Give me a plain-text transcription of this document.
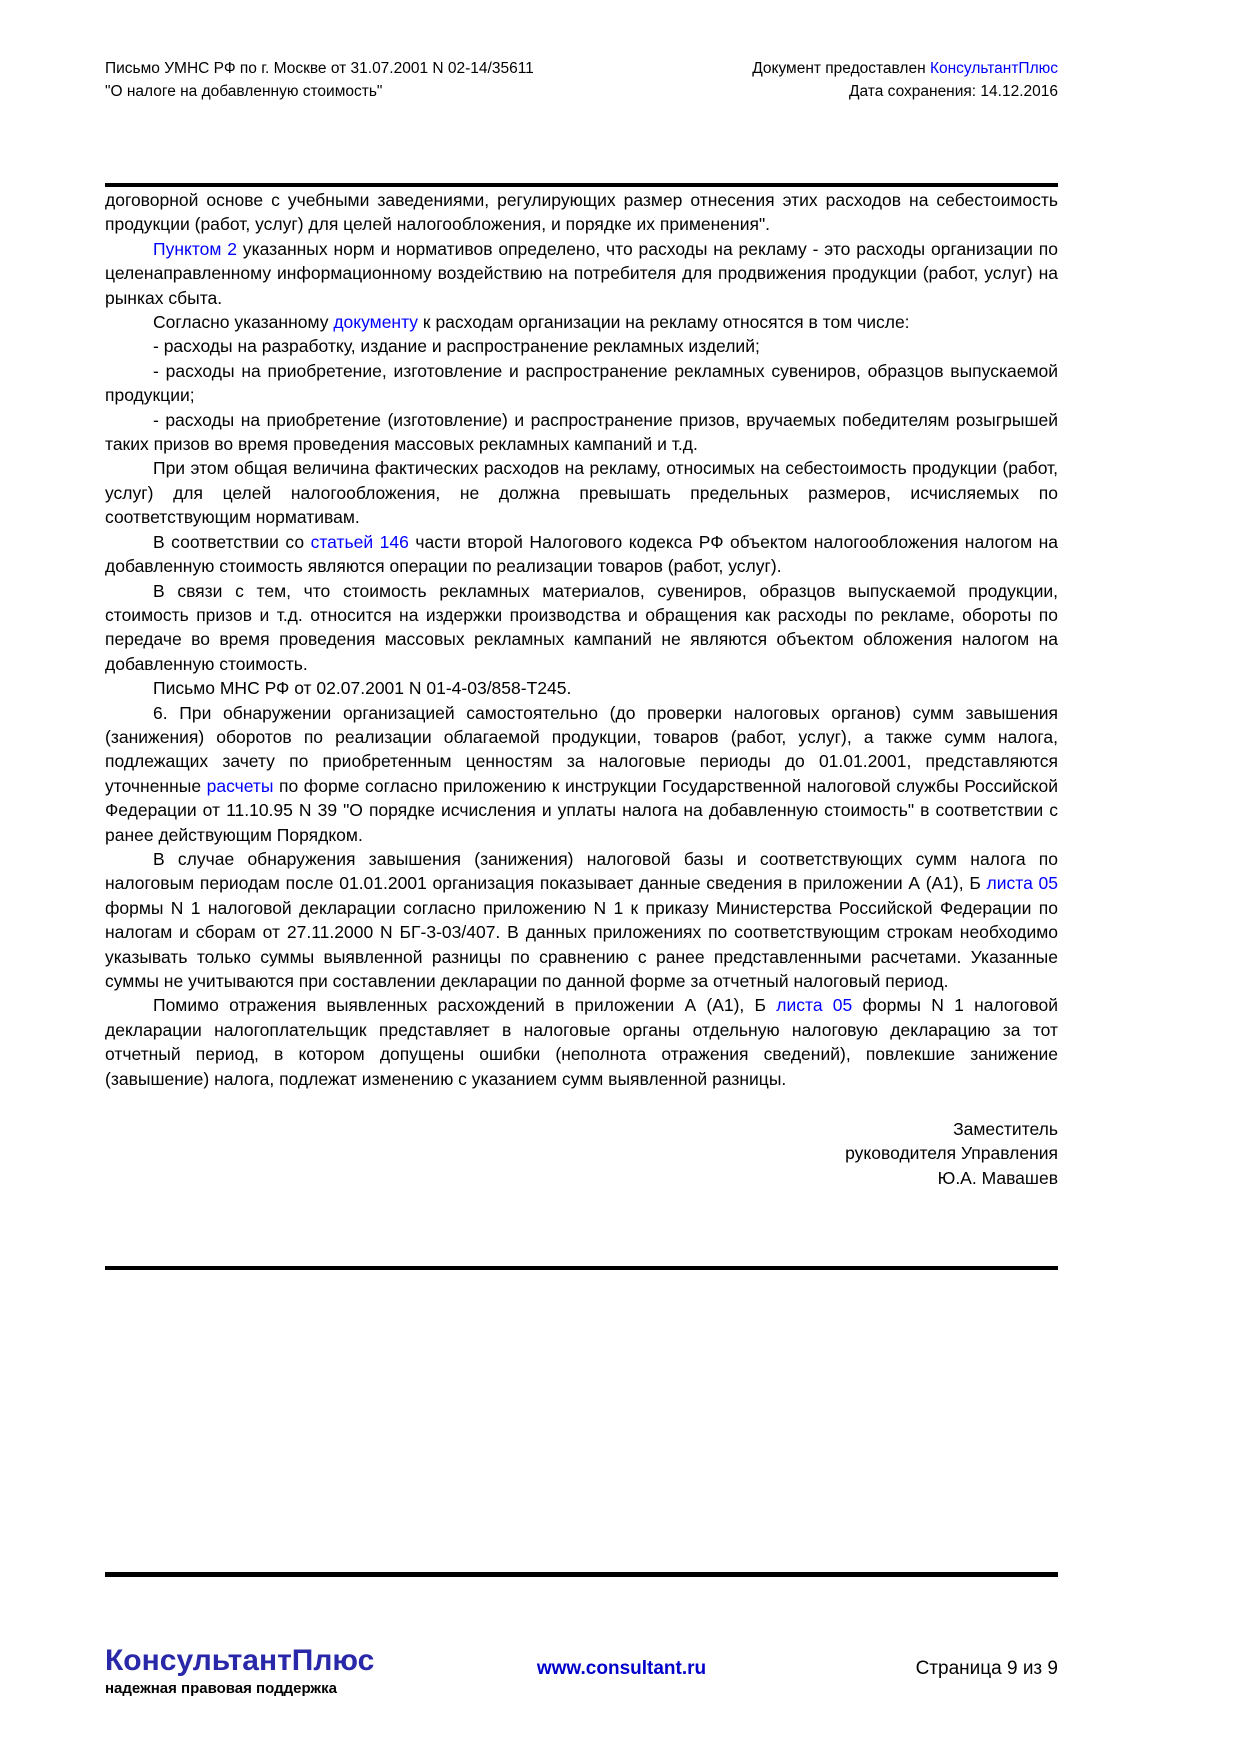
Письмо УМНС РФ по г. Москве от 31.07.2001 N 02-14/35611
"О налоге на добавленную стоимость"
Документ предоставлен КонсультантПлюс
Дата сохранения: 14.12.2016

договорной основе с учебными заведениями, регулирующих размер отнесения этих расходов на себестоимость продукции (работ, услуг) для целей налогообложения, и порядке их применения".

Пунктом 2 указанных норм и нормативов определено, что расходы на рекламу - это расходы организации по целенаправленному информационному воздействию на потребителя для продвижения продукции (работ, услуг) на рынках сбыта.

Согласно указанному документу к расходам организации на рекламу относятся в том числе:

- расходы на разработку, издание и распространение рекламных изделий;

- расходы на приобретение, изготовление и распространение рекламных сувениров, образцов выпускаемой продукции;

- расходы на приобретение (изготовление) и распространение призов, вручаемых победителям розыгрышей таких призов во время проведения массовых рекламных кампаний и т.д.

При этом общая величина фактических расходов на рекламу, относимых на себестоимость продукции (работ, услуг) для целей налогообложения, не должна превышать предельных размеров, исчисляемых по соответствующим нормативам.

В соответствии со статьей 146 части второй Налогового кодекса РФ объектом налогообложения налогом на добавленную стоимость являются операции по реализации товаров (работ, услуг).

В связи с тем, что стоимость рекламных материалов, сувениров, образцов выпускаемой продукции, стоимость призов и т.д. относится на издержки производства и обращения как расходы по рекламе, обороты по передаче во время проведения массовых рекламных кампаний не являются объектом обложения налогом на добавленную стоимость.

Письмо МНС РФ от 02.07.2001 N 01-4-03/858-Т245.

6. При обнаружении организацией самостоятельно (до проверки налоговых органов) сумм завышения (занижения) оборотов по реализации облагаемой продукции, товаров (работ, услуг), а также сумм налога, подлежащих зачету по приобретенным ценностям за налоговые периоды до 01.01.2001, представляются уточненные расчеты по форме согласно приложению к инструкции Государственной налоговой службы Российской Федерации от 11.10.95 N 39 "О порядке исчисления и уплаты налога на добавленную стоимость" в соответствии с ранее действующим Порядком.

В случае обнаружения завышения (занижения) налоговой базы и соответствующих сумм налога по налоговым периодам после 01.01.2001 организация показывает данные сведения в приложении А (А1), Б листа 05 формы N 1 налоговой декларации согласно приложению N 1 к приказу Министерства Российской Федерации по налогам и сборам от 27.11.2000 N БГ-3-03/407. В данных приложениях по соответствующим строкам необходимо указывать только суммы выявленной разницы по сравнению с ранее представленными расчетами. Указанные суммы не учитываются при составлении декларации по данной форме за отчетный налоговый период.

Помимо отражения выявленных расхождений в приложении А (А1), Б листа 05 формы N 1 налоговой декларации налогоплательщик представляет в налоговые органы отдельную налоговую декларацию за тот отчетный период, в котором допущены ошибки (неполнота отражения сведений), повлекшие занижение (завышение) налога, подлежат изменению с указанием сумм выявленной разницы.

Заместитель
руководителя Управления
Ю.А. Мавашев
КонсультантПлюс
надежная правовая поддержка
www.consultant.ru	Страница 9 из 9
